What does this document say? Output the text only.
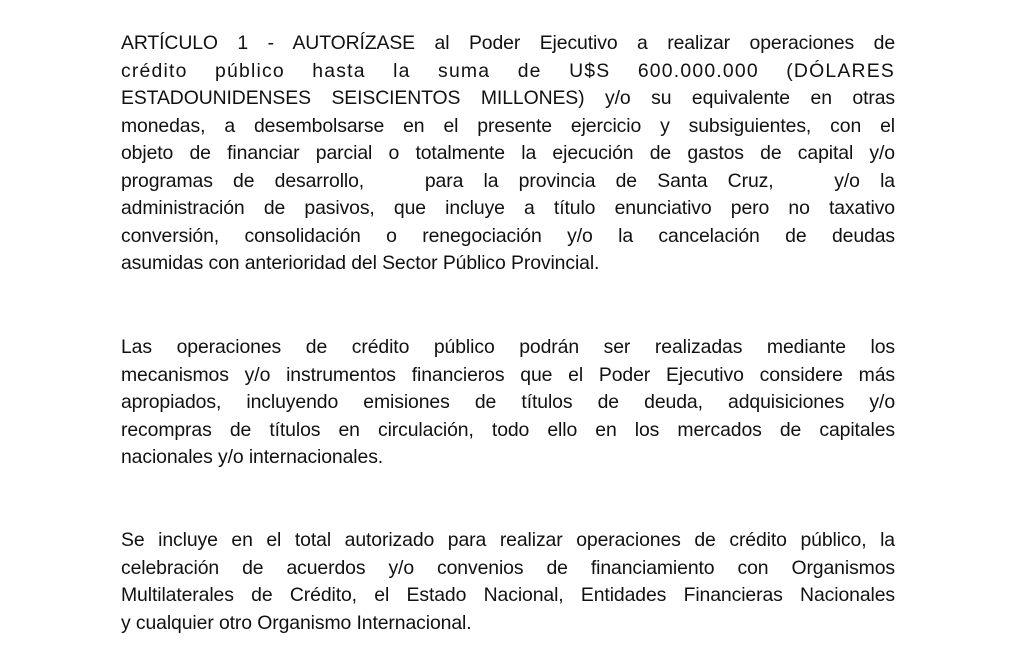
ARTÍCULO 1 - AUTORÍZASE al Poder Ejecutivo a realizar operaciones de
crédito público hasta la suma de U$S 600.000.000 (DÓLARES
ESTADOUNIDENSES SEISCIENTOS MILLONES) y/o su equivalente en otras
monedas, a desembolsarse en el presente ejercicio y subsiguientes, con el
objeto de financiar parcial o totalmente la ejecución de gastos de capital y/o
programas de desarrollo,   para la provincia de Santa Cruz,   y/o la
administración de pasivos, que incluye a título enunciativo pero no taxativo
conversión, consolidación o renegociación y/o la cancelación de deudas
asumidas con anterioridad del Sector Público Provincial.
Las operaciones de crédito público podrán ser realizadas mediante los
mecanismos y/o instrumentos financieros que el Poder Ejecutivo considere más
apropiados, incluyendo emisiones de títulos de deuda, adquisiciones y/o
recompras de títulos en circulación, todo ello en los mercados de capitales
nacionales y/o internacionales.
Se incluye en el total autorizado para realizar operaciones de crédito público, la
celebración de acuerdos y/o convenios de financiamiento con Organismos
Multilaterales de Crédito, el Estado Nacional, Entidades Financieras Nacionales
y cualquier otro Organismo Internacional.
